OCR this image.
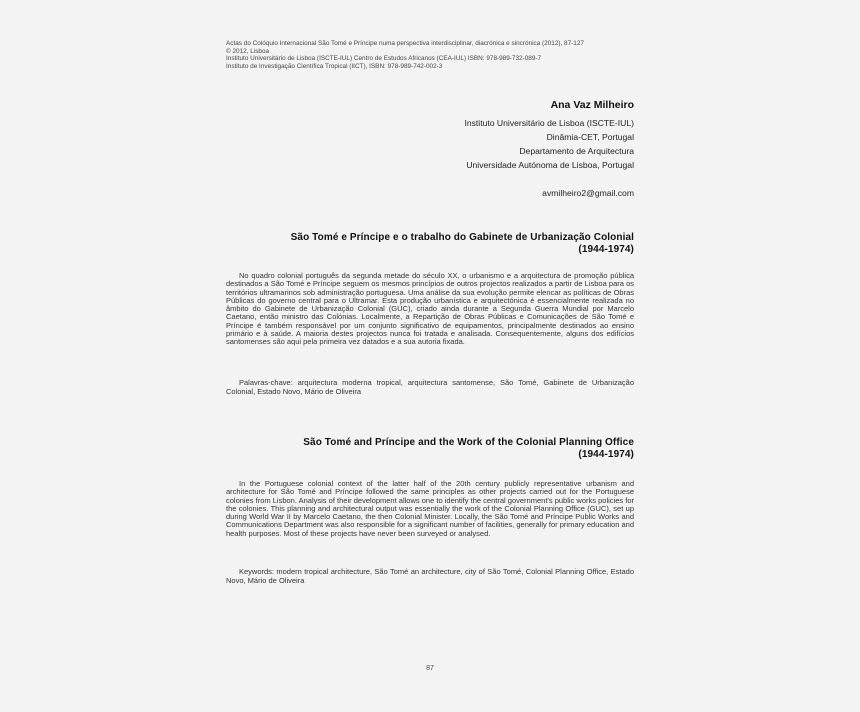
Actas do Colóquio Internacional São Tomé e Príncipe numa perspectiva interdisciplinar, diacrónica e sincrónica (2012), 87-127
© 2012, Lisboa
Instituto Universitário de Lisboa (ISCTE-IUL) Centro de Estudos Africanos (CEA-IUL) ISBN: 978-989-732-089-7
Instituto de Investigação Científica Tropical (IICT), ISBN: 978-989-742-002-3
Ana Vaz Milheiro
Instituto Universitário de Lisboa (ISCTE-IUL)
Dinâmia-CET, Portugal
Departamento de Arquitectura
Universidade Autónoma de Lisboa, Portugal
avmilheiro2@gmail.com
São Tomé e Príncipe e o trabalho do Gabinete de Urbanização Colonial
(1944-1974)

No quadro colonial português da segunda metade do século XX, o urbanismo e a arquitectura de promoção pública destinados a São Tomé e Príncipe seguem os mesmos princípios de outros projectos realizados a partir de Lisboa para os territórios ultramarinos sob administração portuguesa. Uma análise da sua evolução permite elencar as políticas de Obras Públicas do governo central para o Ultramar. Esta produção urbanística e arquitectónica é essencialmente realizada no âmbito do Gabinete de Urbanização Colonial (GUC), criado ainda durante a Segunda Guerra Mundial por Marcelo Caetano, então ministro das Colónias. Localmente, a Repartição de Obras Públicas e Comunicações de São Tomé e Príncipe é também responsável por um conjunto significativo de equipamentos, principalmente destinados ao ensino primário e à saúde. A maioria destes projectos nunca foi tratada e analisada. Consequentemente, alguns dos edifícios santomenses são aqui pela primeira vez datados e a sua autoria fixada.

Palavras-chave: arquitectura moderna tropical, arquitectura santomense, São Tomé, Gabinete de Urbanização Colonial, Estado Novo, Mário de Oliveira

São Tomé and Príncipe and the Work of the Colonial Planning Office
(1944-1974)

In the Portuguese colonial context of the latter half of the 20th century publicly representative urbanism and architecture for São Tomé and Príncipe followed the same principles as other projects carried out for the Portuguese colonies from Lisbon. Analysis of their development allows one to identify the central government's public works policies for the colonies. This planning and architectural output was essentially the work of the Colonial Planning Office (GUC), set up during World War II by Marcelo Caetano, the then Colonial Minister. Locally, the São Tomé and Príncipe Public Works and Communications Department was also responsible for a significant number of facilities, generally for primary education and health purposes. Most of these projects have never been surveyed or analysed.

Keywords: modern tropical architecture, São Tomé an architecture, city of São Tomé, Colonial Planning Office, Estado Novo, Mário de Oliveira

87
